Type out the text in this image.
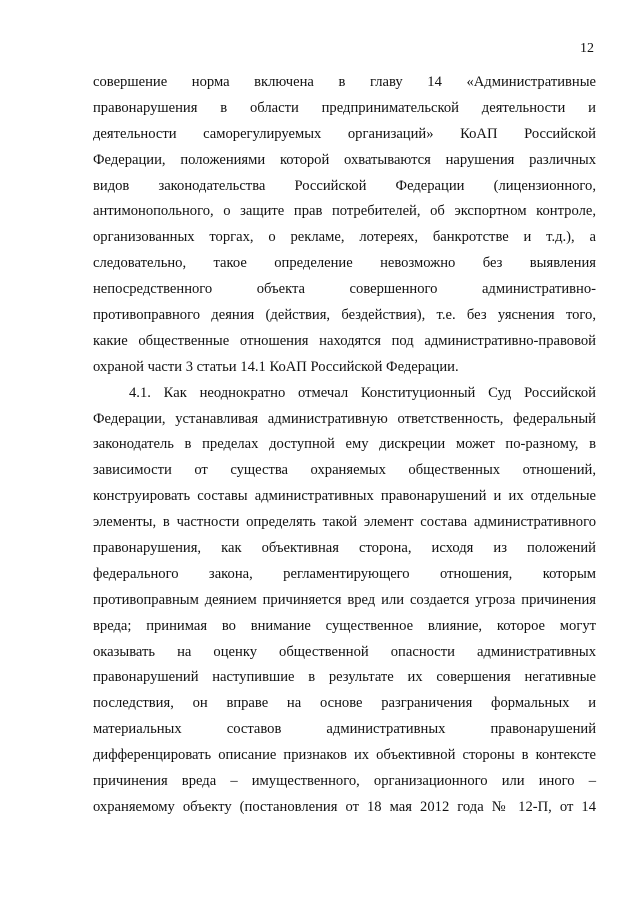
12
совершение норма включена в главу 14 «Административные
правонарушения в области предпринимательской деятельности и
деятельности саморегулируемых организаций» КоАП Российской
Федерации, положениями которой охватываются нарушения различных
видов законодательства Российской Федерации (лицензионного,
антимонопольного, о защите прав потребителей, об экспортном контроле,
организованных торгах, о рекламе, лотереях, банкротстве и т.д.), а
следовательно, такое определение невозможно без выявления
непосредственного объекта совершенного административно-
противоправного деяния (действия, бездействия), т.е. без уяснения того,
какие общественные отношения находятся под административно-правовой
охраной части 3 статьи 14.1 КоАП Российской Федерации.
4.1. Как неоднократно отмечал Конституционный Суд Российской
Федерации, устанавливая административную ответственность, федеральный
законодатель в пределах доступной ему дискреции может по-разному, в
зависимости от существа охраняемых общественных отношений,
конструировать составы административных правонарушений и их отдельные
элементы, в частности определять такой элемент состава административного
правонарушения, как объективная сторона, исходя из положений
федерального закона, регламентирующего отношения, которым
противоправным деянием причиняется вред или создается угроза причинения
вреда; принимая во внимание существенное влияние, которое могут
оказывать на оценку общественной опасности административных
правонарушений наступившие в результате их совершения негативные
последствия, он вправе на основе разграничения формальных и
материальных составов административных правонарушений
дифференцировать описание признаков их объективной стороны в контексте
причинения вреда – имущественного, организационного или иного –
охраняемому объекту (постановления от 18 мая 2012 года № 12-П, от 14
